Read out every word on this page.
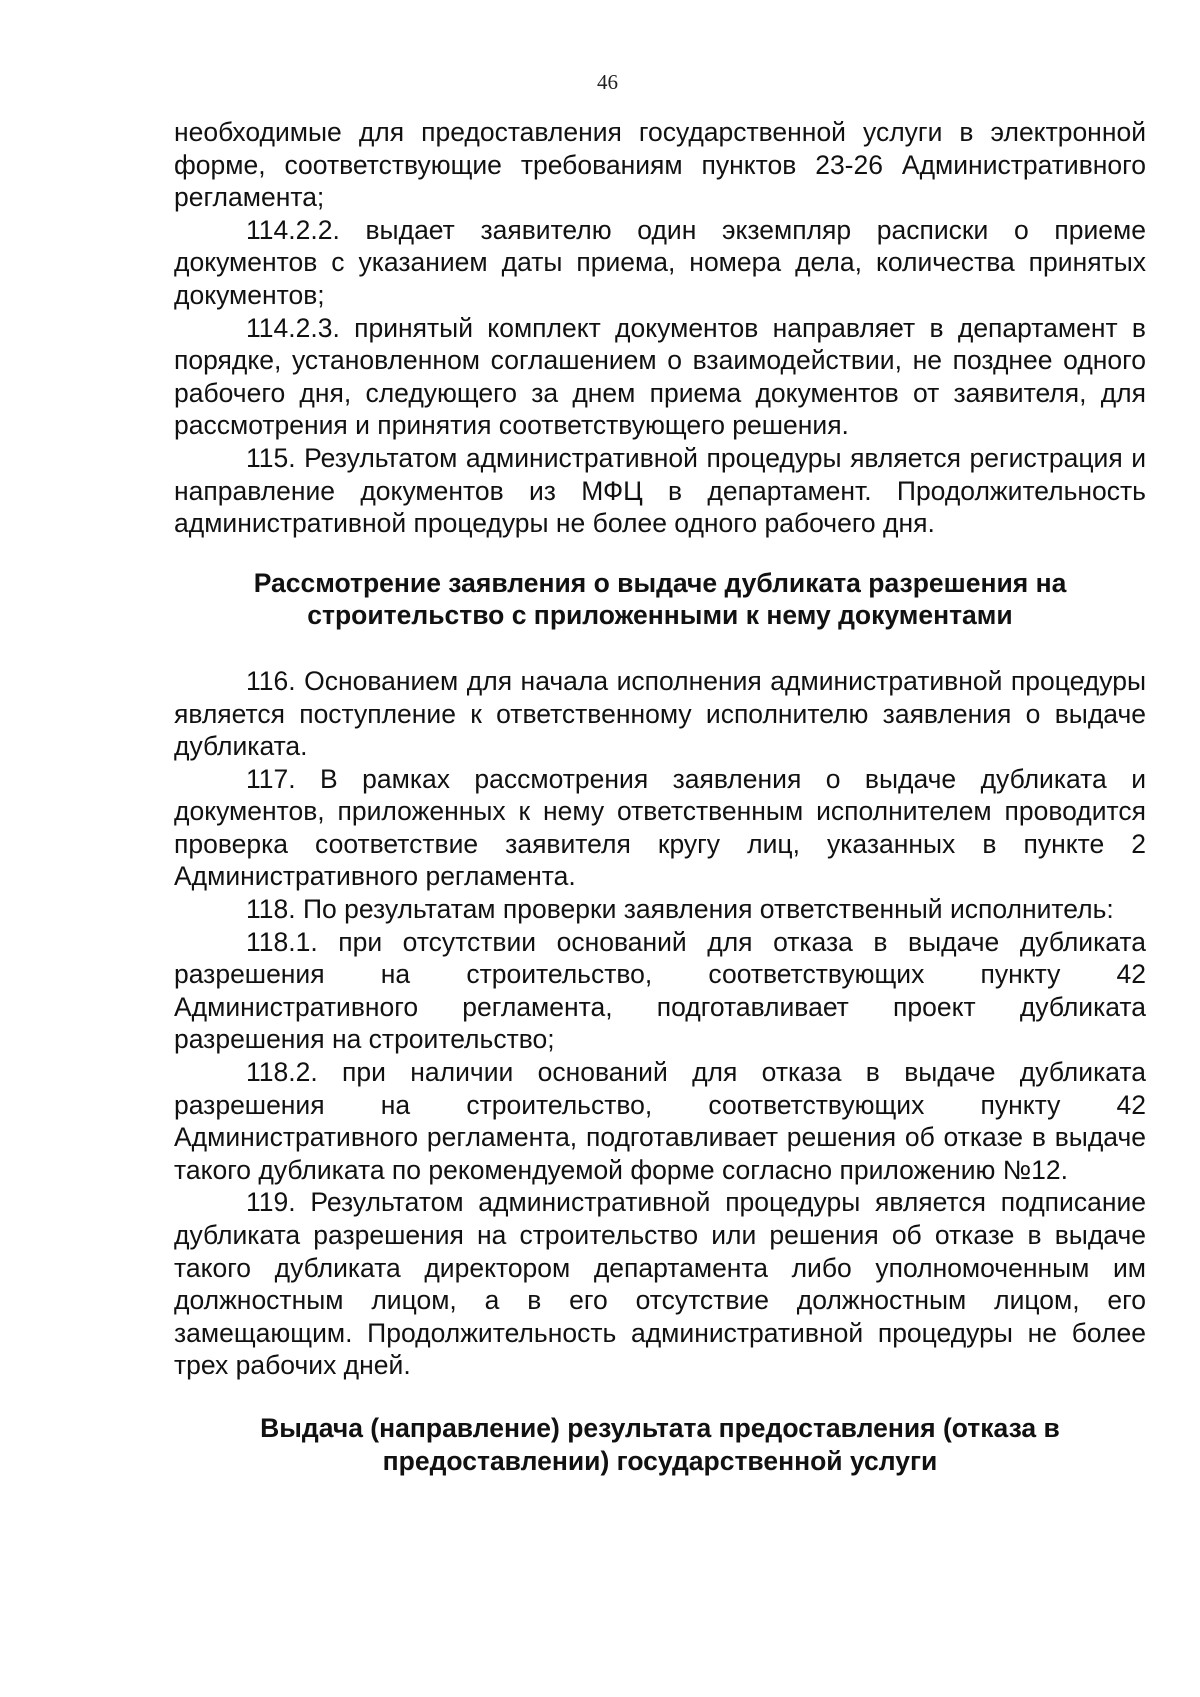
46

необходимые для предоставления государственной услуги в электронной форме, соответствующие требованиям пунктов 23-26 Административного регламента;

114.2.2. выдает заявителю один экземпляр расписки о приеме документов с указанием даты приема, номера дела, количества принятых документов;

114.2.3. принятый комплект документов направляет в департамент в порядке, установленном соглашением о взаимодействии, не позднее одного рабочего дня, следующего за днем приема документов от заявителя, для рассмотрения и принятия соответствующего решения.

115. Результатом административной процедуры является регистрация и направление документов из МФЦ в департамент. Продолжительность административной процедуры не более одного рабочего дня.

Рассмотрение заявления о выдаче дубликата разрешения на строительство с приложенными к нему документами

116. Основанием для начала исполнения административной процедуры является поступление к ответственному исполнителю заявления о выдаче дубликата.

117. В рамках рассмотрения заявления о выдаче дубликата и документов, приложенных к нему ответственным исполнителем проводится проверка соответствие заявителя кругу лиц, указанных в пункте 2 Административного регламента.

118. По результатам проверки заявления ответственный исполнитель:

118.1. при отсутствии оснований для отказа в выдаче дубликата разрешения на строительство, соответствующих пункту 42 Административного регламента, подготавливает проект дубликата разрешения на строительство;

118.2. при наличии оснований для отказа в выдаче дубликата разрешения на строительство, соответствующих пункту 42 Административного регламента, подготавливает решения об отказе в выдаче такого дубликата по рекомендуемой форме согласно приложению №12.

119. Результатом административной процедуры является подписание дубликата разрешения на строительство или решения об отказе в выдаче такого дубликата директором департамента либо уполномоченным им должностным лицом, а в его отсутствие должностным лицом, его замещающим. Продолжительность административной процедуры не более трех рабочих дней.

Выдача (направление) результата предоставления (отказа в предоставлении) государственной услуги
